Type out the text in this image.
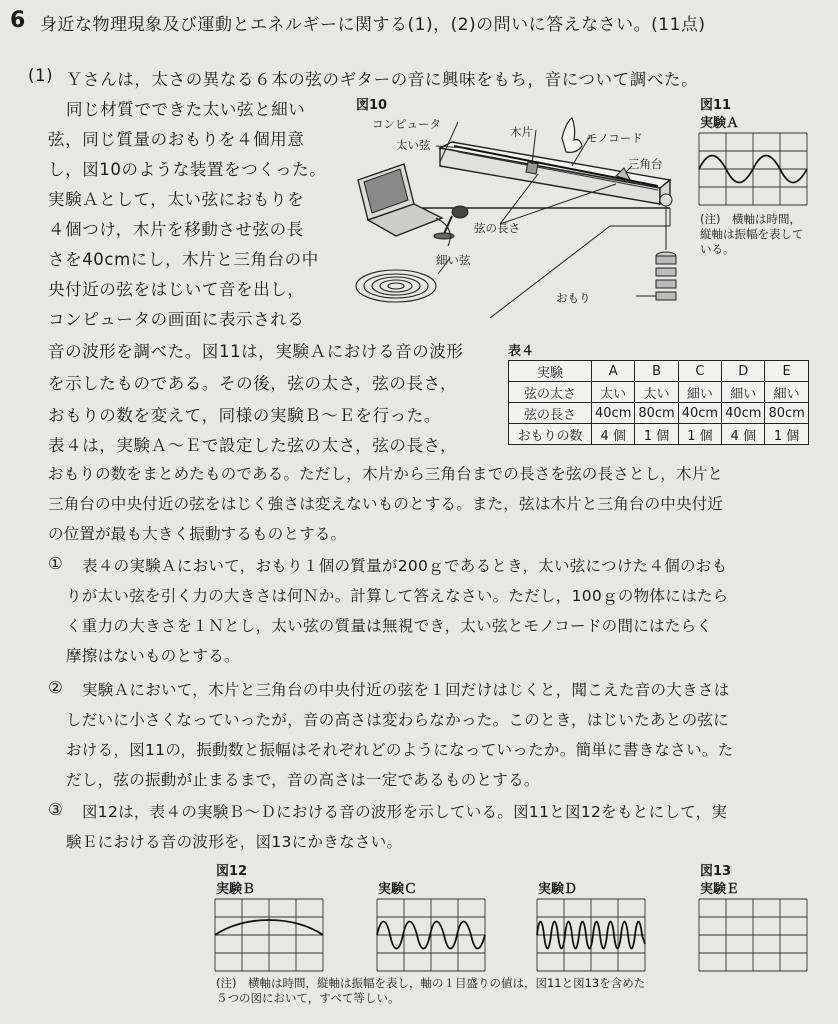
6 身近な物理現象及び運動とエネルギーに関する(1)，(2)の問いに答えなさい。(11点)
(1) Ｙさんは，太さの異なる６本の弦のギターの音に興味をもち，音について調べた。
同じ材質でできた太い弦と細い
弦，同じ質量のおもりを４個用意
し，図10のような装置をつくった。
実験Ａとして，太い弦におもりを
４個つけ，木片を移動させ弦の長
さを40cmにし，木片と三角台の中
央付近の弦をはじいて音を出し，
コンピュータの画面に表示される
音の波形を調べた。図11は，実験Ａにおける音の波形
を示したものである。その後，弦の太さ，弦の長さ，
おもりの数を変えて，同様の実験Ｂ～Ｅを行った。
表４は，実験Ａ～Ｅで設定した弦の太さ，弦の長さ，
おもりの数をまとめたものである。ただし，木片から三角台までの長さを弦の長さとし，木片と
三角台の中央付近の弦をはじく強さは変えないものとする。また，弦は木片と三角台の中央付近
の位置が最も大きく振動するものとする。
図10
コンピュータ
太い弦
木片	モノコード
三角台
弦の長さ
細い弦
おもり
図11
実験Ａ
(注)　横軸は時間，縦軸は振幅を表している。
表４
実験	A	B	C	D	E
弦の太さ	太い	太い	細い	細い	細い
弦の長さ	40cm	80cm	40cm	40cm	80cm
おもりの数	4 個	1 個	1 個	4 個	1 個
① 表４の実験Ａにおいて，おもり１個の質量が200ｇであるとき，太い弦につけた４個のおも
りが太い弦を引く力の大きさは何Ｎか。計算して答えなさい。ただし，100ｇの物体にはたら
く重力の大きさを１Ｎとし，太い弦の質量は無視でき，太い弦とモノコードの間にはたらく
摩擦はないものとする。
② 実験Ａにおいて，木片と三角台の中央付近の弦を１回だけはじくと，聞こえた音の大きさは
しだいに小さくなっていったが，音の高さは変わらなかった。このとき，はじいたあとの弦に
おける，図11の，振動数と振幅はそれぞれどのようになっていったか。簡単に書きなさい。た
だし，弦の振動が止まるまで，音の高さは一定であるものとする。
③ 図12は，表４の実験Ｂ～Ｄにおける音の波形を示している。図11と図12をもとにして，実
験Ｅにおける音の波形を，図13にかきなさい。
図12
実験Ｂ	実験Ｃ	実験Ｄ
(注)　横軸は時間，縦軸は振幅を表し，軸の１目盛りの値は，図11と図13を含めた５つの図において，すべて等しい。
図13
実験Ｅ
